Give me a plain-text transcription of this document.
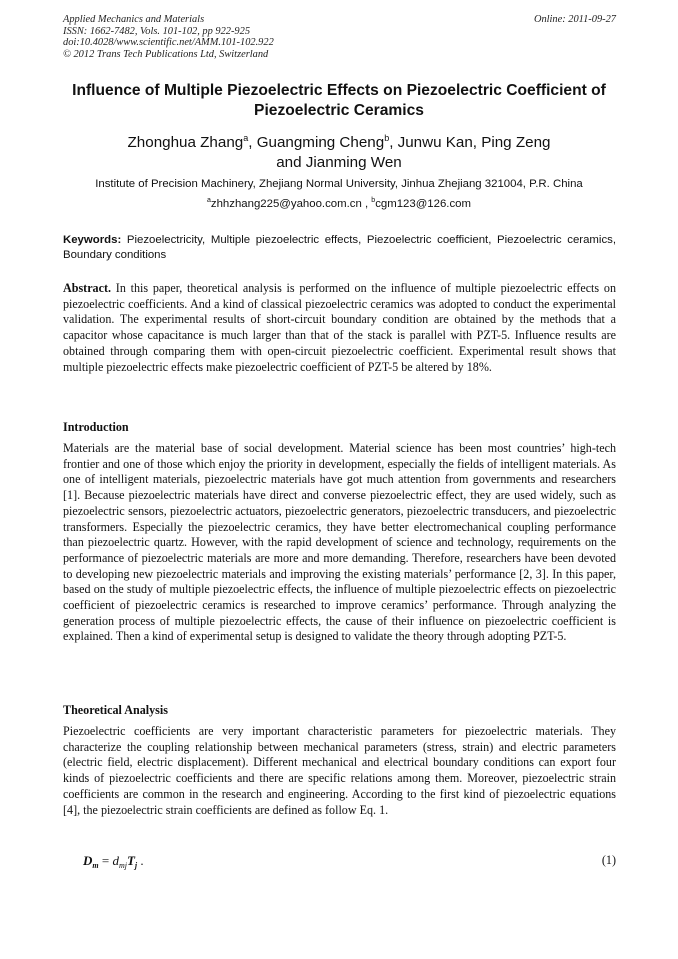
Applied Mechanics and Materials
ISSN: 1662-7482, Vols. 101-102, pp 922-925
doi:10.4028/www.scientific.net/AMM.101-102.922
© 2012 Trans Tech Publications Ltd, Switzerland
Online: 2011-09-27
Influence of Multiple Piezoelectric Effects on Piezoelectric Coefficient of Piezoelectric Ceramics
Zhonghua Zhang$^a$, Guangming Cheng$^b$, Junwu Kan, Ping Zeng
and Jianming Wen
Institute of Precision Machinery, Zhejiang Normal University, Jinhua Zhejiang 321004, P.R. China
$^a$zhhzhang225@yahoo.com.cn , $^b$cgm123@126.com
Keywords: Piezoelectricity, Multiple piezoelectric effects, Piezoelectric coefficient, Piezoelectric ceramics, Boundary conditions
Abstract. In this paper, theoretical analysis is performed on the influence of multiple piezoelectric effects on piezoelectric coefficients. And a kind of classical piezoelectric ceramics was adopted to conduct the experimental validation. The experimental results of short-circuit boundary condition are obtained by the methods that a capacitor whose capacitance is much larger than that of the stack is parallel with PZT-5. Influence results are obtained through comparing them with open-circuit piezoelectric coefficient. Experimental result shows that multiple piezoelectric effects make piezoelectric coefficient of PZT-5 be altered by 18%.
Introduction
Materials are the material base of social development. Material science has been most countries’ high-tech frontier and one of those which enjoy the priority in development, especially the fields of intelligent materials. As one of intelligent materials, piezoelectric materials have got much attention from governments and researchers [1]. Because piezoelectric materials have direct and converse piezoelectric effect, they are used widely, such as piezoelectric sensors, piezoelectric actuators, piezoelectric generators, piezoelectric transducers, and piezoelectric transformers. Especially the piezoelectric ceramics, they have better electromechanical coupling performance than piezoelectric quartz. However, with the rapid development of science and technology, requirements on the performance of piezoelectric materials are more and more demanding. Therefore, researchers have been devoted to developing new piezoelectric materials and improving the existing materials’ performance [2, 3]. In this paper, based on the study of multiple piezoelectric effects, the influence of multiple piezoelectric effects on piezoelectric coefficient of piezoelectric ceramics is researched to improve ceramics’ performance. Through analyzing the generation process of multiple piezoelectric effects, the cause of their influence on piezoelectric coefficient is explained. Then a kind of experimental setup is designed to validate the theory through adopting PZT-5.
Theoretical Analysis
Piezoelectric coefficients are very important characteristic parameters for piezoelectric materials. They characterize the coupling relationship between mechanical parameters (stress, strain) and electric parameters (electric field, electric displacement). Different mechanical and electrical boundary conditions can export four kinds of piezoelectric coefficients and there are specific relations among them. Moreover, piezoelectric strain coefficients are common in the research and engineering. According to the first kind of piezoelectric equations [4], the piezoelectric strain coefficients are defined as follow Eq. 1.
$D_m = d_{mj}T_j$ .	(1)
